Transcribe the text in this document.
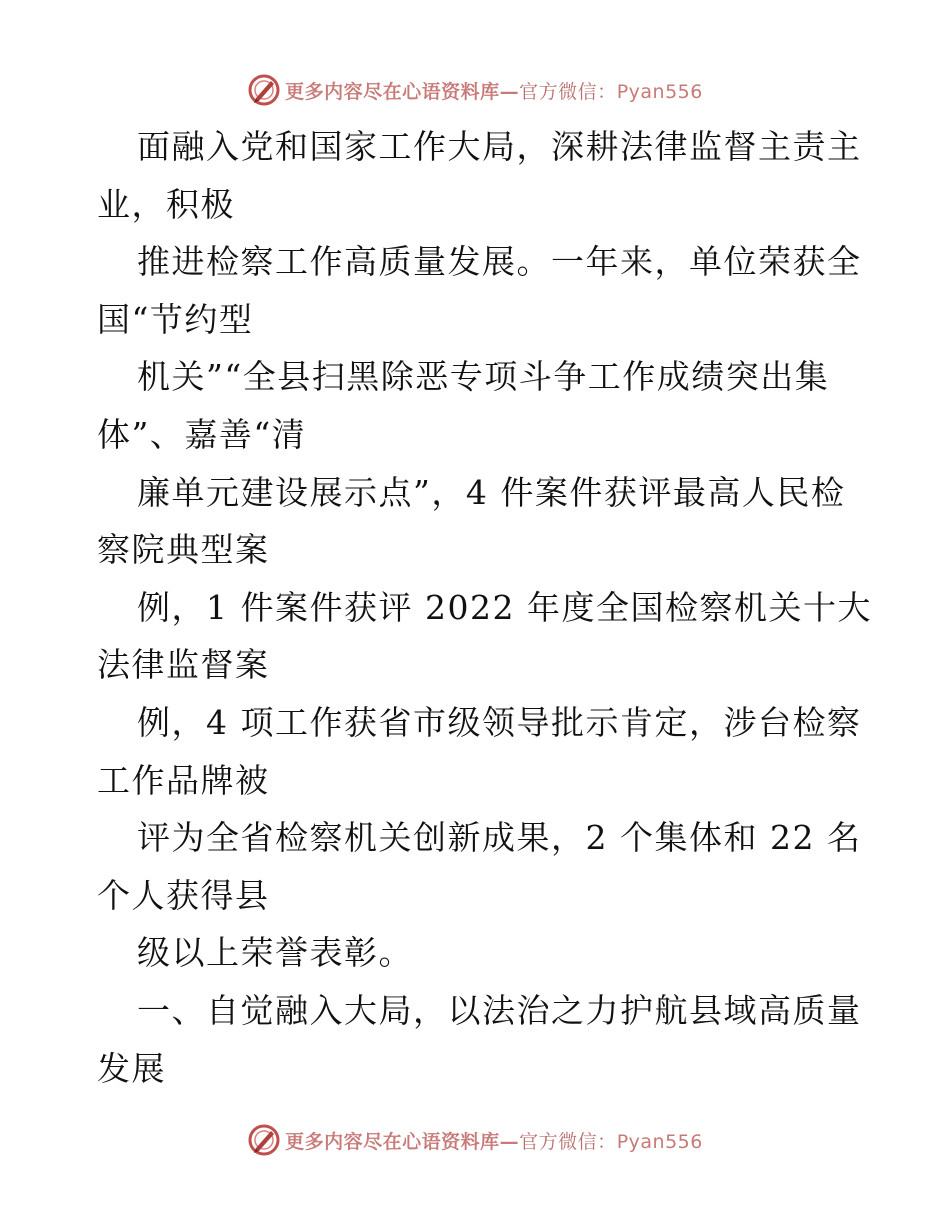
更多内容尽在心语资料库—官方微信：Pyan556
面融入党和国家工作大局，深耕法律监督主责主
业，积极
推进检察工作高质量发展。一年来，单位荣获全
国“节约型
机关”“全县扫黑除恶专项斗争工作成绩突出集
体”、嘉善“清
廉单元建设展示点”，4 件案件获评最高人民检
察院典型案
例，1 件案件获评 2022 年度全国检察机关十大
法律监督案
例，4 项工作获省市级领导批示肯定，涉台检察
工作品牌被
评为全省检察机关创新成果，2 个集体和 22 名
个人获得县
级以上荣誉表彰。
一、自觉融入大局，以法治之力护航县域高质量
发展
更多内容尽在心语资料库—官方微信：Pyan556
